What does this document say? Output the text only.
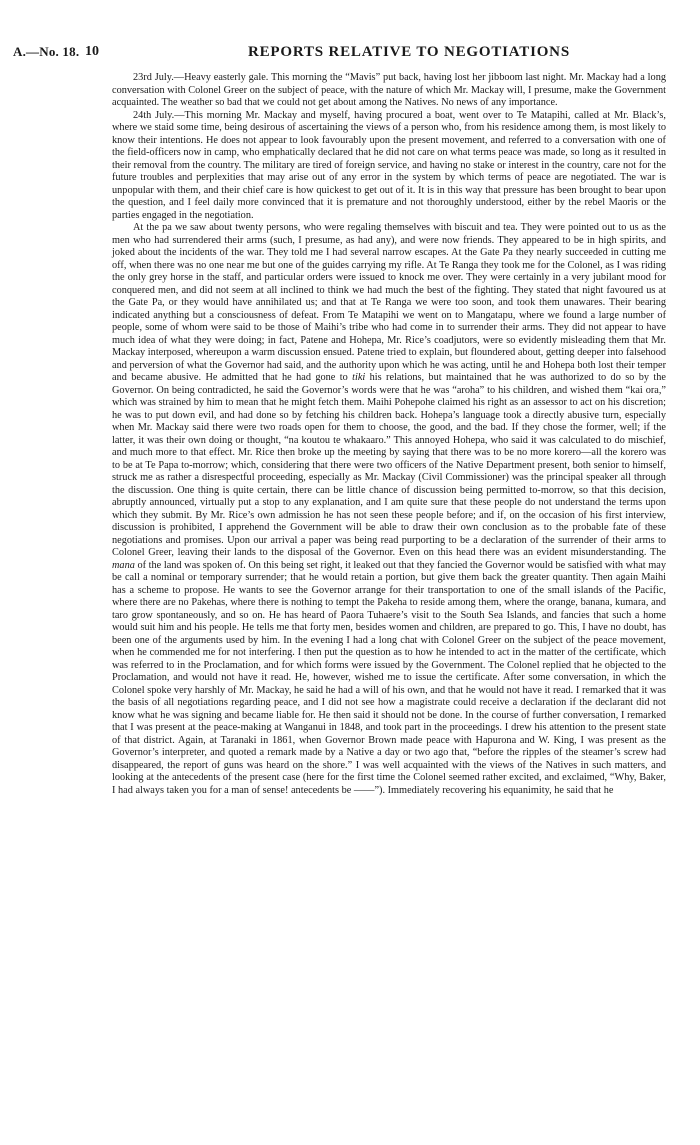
A.—No. 18. 10	REPORTS RELATIVE TO NEGOTIATIONS

23rd July.—Heavy easterly gale. This morning the “Mavis” put back, having lost her jibboom last night. Mr. Mackay had a long conversation with Colonel Greer on the subject of peace, with the nature of which Mr. Mackay will, I presume, make the Government acquainted. The weather so bad that we could not get about among the Natives. No news of any importance.

24th July.—This morning Mr. Mackay and myself, having procured a boat, went over to Te Matapihi, called at Mr. Black’s, where we staid some time, being desirous of ascertaining the views of a person who, from his residence among them, is most likely to know their intentions. He does not appear to look favourably upon the present movement, and referred to a conversation with one of the field-officers now in camp, who emphatically declared that he did not care on what terms peace was made, so long as it resulted in their removal from the country. The military are tired of foreign service, and having no stake or interest in the country, care not for the future troubles and perplexities that may arise out of any error in the system by which terms of peace are negotiated. The war is unpopular with them, and their chief care is how quickest to get out of it. It is in this way that pressure has been brought to bear upon the question, and I feel daily more convinced that it is premature and not thoroughly understood, either by the rebel Maoris or the parties engaged in the negotiation.

At the pa we saw about twenty persons, who were regaling themselves with biscuit and tea. They were pointed out to us as the men who had surrendered their arms (such, I presume, as had any), and were now friends. They appeared to be in high spirits, and joked about the incidents of the war. They told me I had several narrow escapes. At the Gate Pa they nearly succeeded in cutting me off, when there was no one near me but one of the guides carrying my rifle. At Te Ranga they took me for the Colonel, as I was riding the only grey horse in the staff, and particular orders were issued to knock me over. They were certainly in a very jubilant mood for conquered men, and did not seem at all inclined to think we had much the best of the fighting. They stated that night favoured us at the Gate Pa, or they would have annihilated us; and that at Te Ranga we were too soon, and took them unawares. Their bearing indicated anything but a consciousness of defeat. From Te Matapihi we went on to Mangatapu, where we found a large number of people, some of whom were said to be those of Maihi’s tribe who had come in to surrender their arms. They did not appear to have much idea of what they were doing; in fact, Patene and Hohepa, Mr. Rice’s coadjutors, were so evidently misleading them that Mr. Mackay interposed, whereupon a warm discussion ensued. Patene tried to explain, but floundered about, getting deeper into falsehood and perversion of what the Governor had said, and the authority upon which he was acting, until he and Hohepa both lost their temper and became abusive. He admitted that he had gone to tiki his relations, but maintained that he was authorized to do so by the Governor. On being contradicted, he said the Governor’s words were that he was “aroha” to his children, and wished them “kai ora,” which was strained by him to mean that he might fetch them. Maihi Pohepohe claimed his right as an assessor to act on his discretion; he was to put down evil, and had done so by fetching his children back. Hohepa’s language took a directly abusive turn, especially when Mr. Mackay said there were two roads open for them to choose, the good, and the bad. If they chose the former, well; if the latter, it was their own doing or thought, “na koutou te whakaaro.” This annoyed Hohepa, who said it was calculated to do mischief, and much more to that effect. Mr. Rice then broke up the meeting by saying that there was to be no more korero—all the korero was to be at Te Papa to-morrow; which, considering that there were two officers of the Native Department present, both senior to himself, struck me as rather a disrespectful proceeding, especially as Mr. Mackay (Civil Commissioner) was the principal speaker all through the discussion. One thing is quite certain, there can be little chance of discussion being permitted to-morrow, so that this decision, abruptly announced, virtually put a stop to any explanation, and I am quite sure that these people do not understand the terms upon which they submit. By Mr. Rice’s own admission he has not seen these people before; and if, on the occasion of his first interview, discussion is prohibited, I apprehend the Government will be able to draw their own conclusion as to the probable fate of these negotiations and promises. Upon our arrival a paper was being read purporting to be a declaration of the surrender of their arms to Colonel Greer, leaving their lands to the disposal of the Governor. Even on this head there was an evident misunderstanding. The mana of the land was spoken of. On this being set right, it leaked out that they fancied the Governor would be satisfied with what may be call a nominal or temporary surrender; that he would retain a portion, but give them back the greater quantity. Then again Maihi has a scheme to propose. He wants to see the Governor arrange for their transportation to one of the small islands of the Pacific, where there are no Pakehas, where there is nothing to tempt the Pakeha to reside among them, where the orange, banana, kumara, and taro grow spontaneously, and so on. He has heard of Paora Tuhaere’s visit to the South Sea Islands, and fancies that such a home would suit him and his people. He tells me that forty men, besides women and children, are prepared to go. This, I have no doubt, has been one of the arguments used by him. In the evening I had a long chat with Colonel Greer on the subject of the peace movement, when he commended me for not interfering. I then put the question as to how he intended to act in the matter of the certificate, which was referred to in the Proclamation, and for which forms were issued by the Government. The Colonel replied that he objected to the Proclamation, and would not have it read. He, however, wished me to issue the certificate. After some conversation, in which the Colonel spoke very harshly of Mr. Mackay, he said he had a will of his own, and that he would not have it read. I remarked that it was the basis of all negotiations regarding peace, and I did not see how a magistrate could receive a declaration if the declarant did not know what he was signing and became liable for. He then said it should not be done. In the course of further conversation, I remarked that I was present at the peace-making at Wanganui in 1848, and took part in the proceedings. I drew his attention to the present state of that district. Again, at Taranaki in 1861, when Governor Brown made peace with Hapurona and W. King, I was present as the Governor’s interpreter, and quoted a remark made by a Native a day or two ago that, “before the ripples of the steamer’s screw had disappeared, the report of guns was heard on the shore.” I was well acquainted with the views of the Natives in such matters, and looking at the antecedents of the present case (here for the first time the Colonel seemed rather excited, and exclaimed, “Why, Baker, I had always taken you for a man of sense! antecedents be ——”). Immediately recovering his equanimity, he said that he
